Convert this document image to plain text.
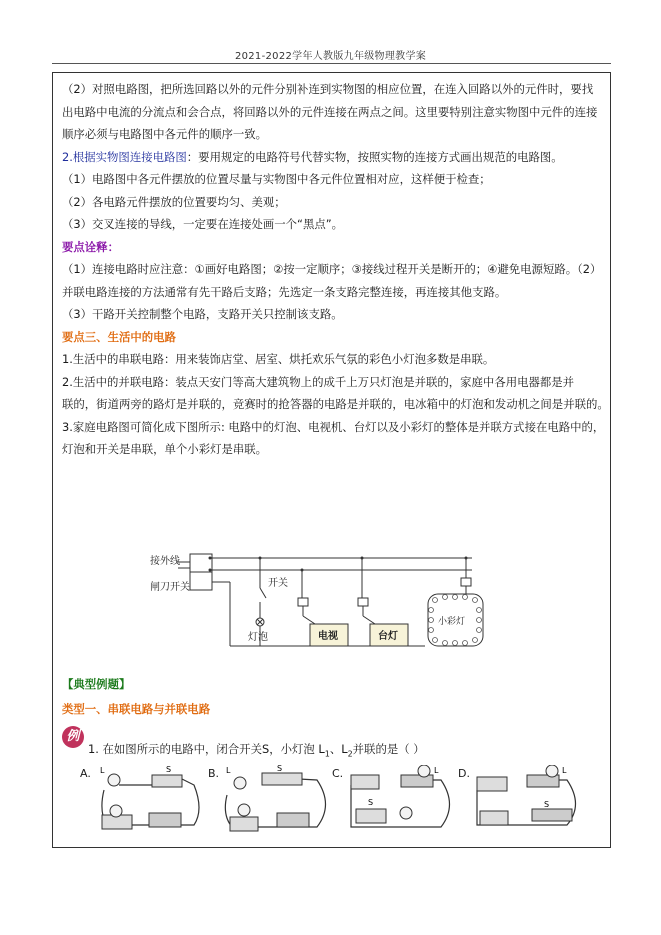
2021-2022学年人教版九年级物理教学案

（2）对照电路图，把所选回路以外的元件分别补连到实物图的相应位置，在连入回路以外的元件时，要找

出电路中电流的分流点和会合点，将回路以外的元件连接在两点之间。这里要特别注意实物图中元件的连接

顺序必须与电路图中各元件的顺序一致。

2.根据实物图连接电路图：要用规定的电路符号代替实物，按照实物的连接方式画出规范的电路图。

（1）电路图中各元件摆放的位置尽量与实物图中各元件位置相对应，这样便于检查；

（2）各电路元件摆放的位置要均匀、美观；

（3）交叉连接的导线，一定要在连接处画一个“黑点”。

要点诠释：

（1）连接电路时应注意：①画好电路图；②按一定顺序；③接线过程开关是断开的；④避免电源短路。（2）

并联电路连接的方法通常有先干路后支路；先选定一条支路完整连接，再连接其他支路。

（3）干路开关控制整个电路，支路开关只控制该支路。

要点三、生活中的电路

1.生活中的串联电路：用来装饰店堂、居室、烘托欢乐气氛的彩色小灯泡多数是串联。

2.生活中的并联电路：装点天安门等高大建筑物上的成千上万只灯泡是并联的，家庭中各用电器都是并

联的，街道两旁的路灯是并联的，竞赛时的抢答器的电路是并联的，电冰箱中的灯泡和发动机之间是并联的。

3.家庭电路图可简化成下图所示: 电路中的灯泡、电视机、台灯以及小彩灯的整体是并联方式接在电路中的，

灯泡和开关是串联，单个小彩灯是串联。

接外线
闸刀开关	开关
灯泡	电视	台灯
小彩灯
【典型例题】
类型一、串联电路与并联电路
例
1. 在如图所示的电路中，闭合开关S，小灯泡 $L_1$、$L_2$并联的是（ ）
A.	B.	C.	D.
L	S	L	S	L
S
L
S
